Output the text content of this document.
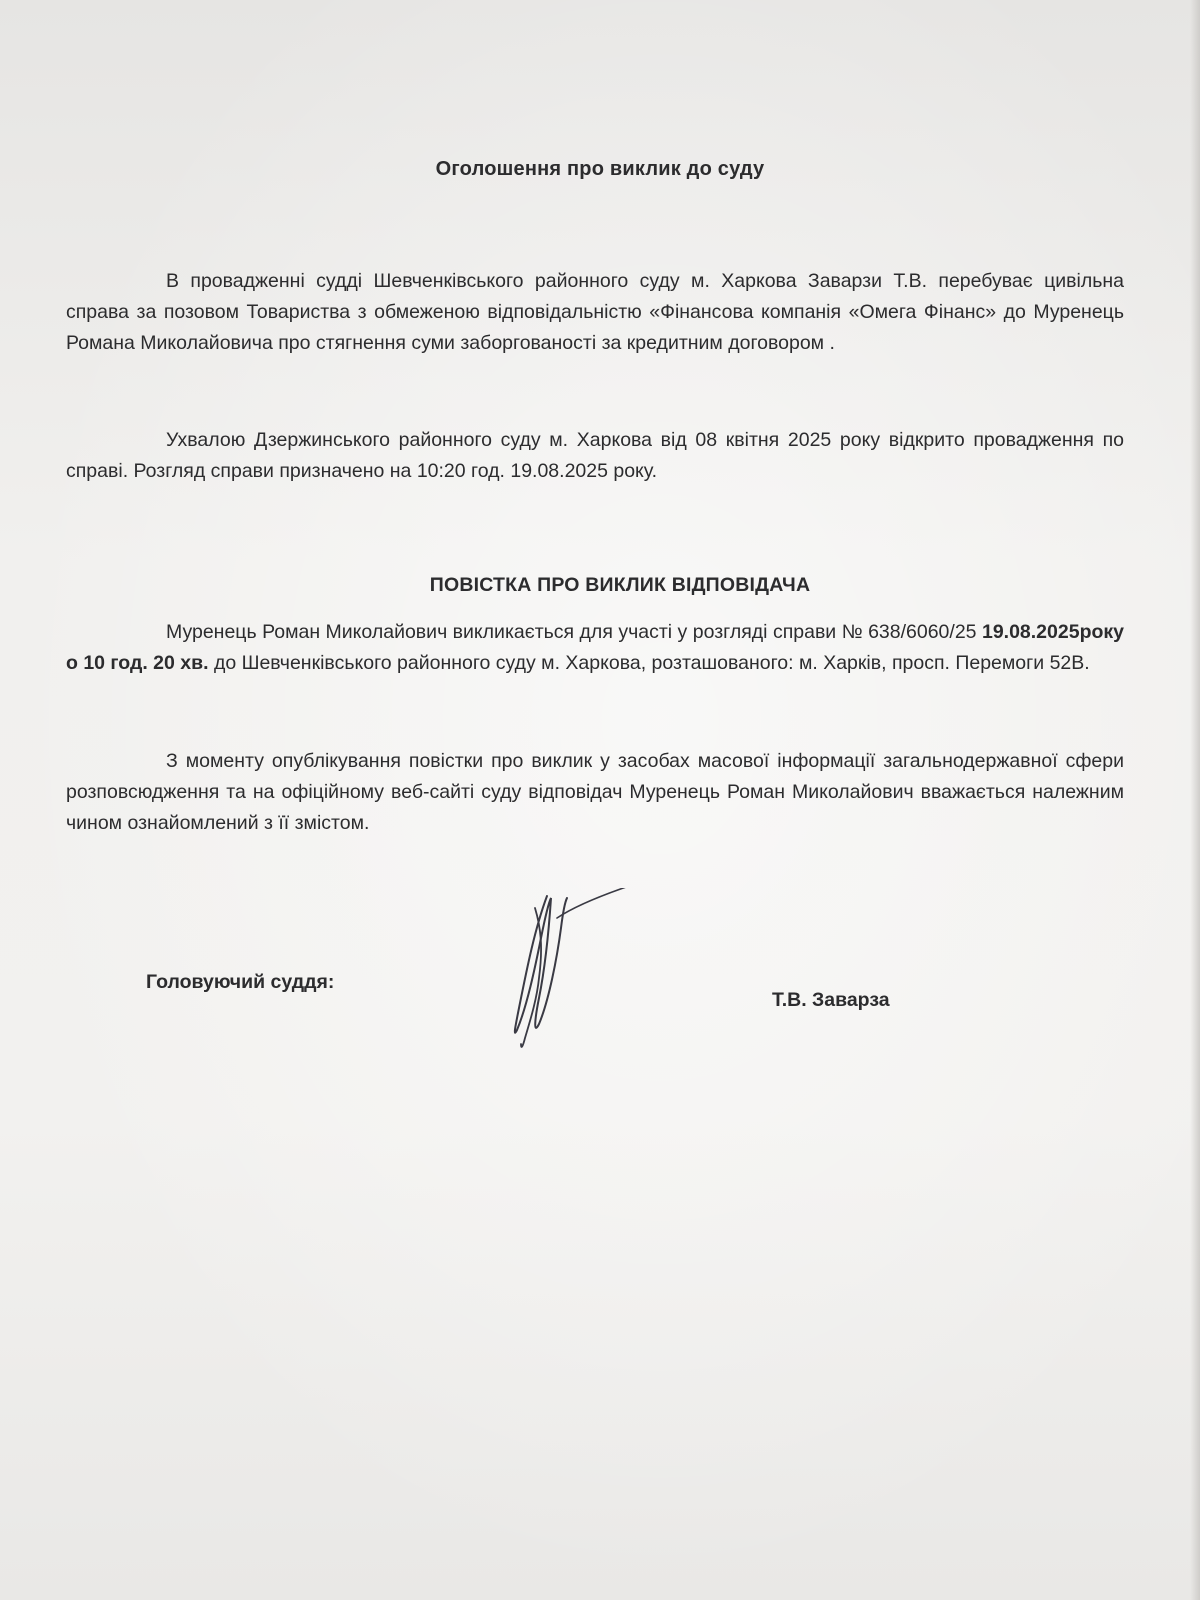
Оголошення про виклик до суду

В провадженні судді Шевченківського районного суду м. Харкова Заварзи Т.В. перебуває цивільна справа за позовом Товариства з обмеженою відповідальністю «Фінансова компанія «Омега Фінанс» до Муренець Романа Миколайовича про стягнення суми заборгованості за кредитним договором .

Ухвалою Дзержинського районного суду м. Харкова від 08 квітня 2025 року відкрито провадження по справі. Розгляд справи призначено на 10:20 год. 19.08.2025 року.

ПОВІСТКА ПРО ВИКЛИК ВІДПОВІДАЧА

Муренець Роман Миколайович викликається для участі у розгляді справи № 638/6060/25 19.08.2025року о 10 год. 20 хв. до Шевченківського районного суду м. Харкова, розташованого: м. Харків, просп. Перемоги 52В.

З моменту опублікування повістки про виклик у засобах масової інформації загальнодержавної сфери розповсюдження та на офіційному веб-сайті суду відповідач Муренець Роман Миколайович вважається належним чином ознайомлений з її змістом.

Головуючий суддя:
Т.В. Заварза
